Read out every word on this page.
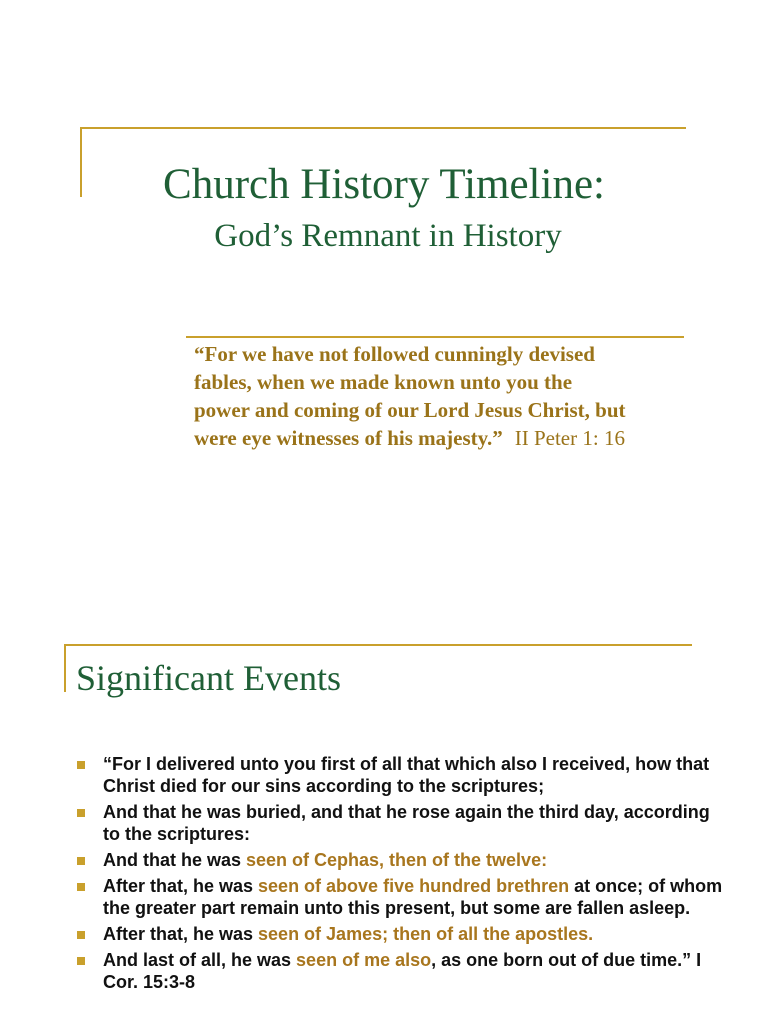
Church History Timeline:
God’s Remnant in History
“For we have not followed cunningly devised
fables, when we made known unto you the
power and coming of our Lord Jesus Christ, but
were eye witnesses of his majesty.” II Peter 1: 16
Significant Events
“For I delivered unto you first of all that which also I received, how that Christ died for our sins according to the scriptures;
And that he was buried, and that he rose again the third day, according to the scriptures:
And that he was seen of Cephas, then of the twelve:
After that, he was seen of above five hundred brethren at once; of whom the greater part remain unto this present, but some are fallen asleep.
After that, he was seen of James; then of all the apostles.
And last of all, he was seen of me also, as one born out of due time.” I Cor. 15:3-8
